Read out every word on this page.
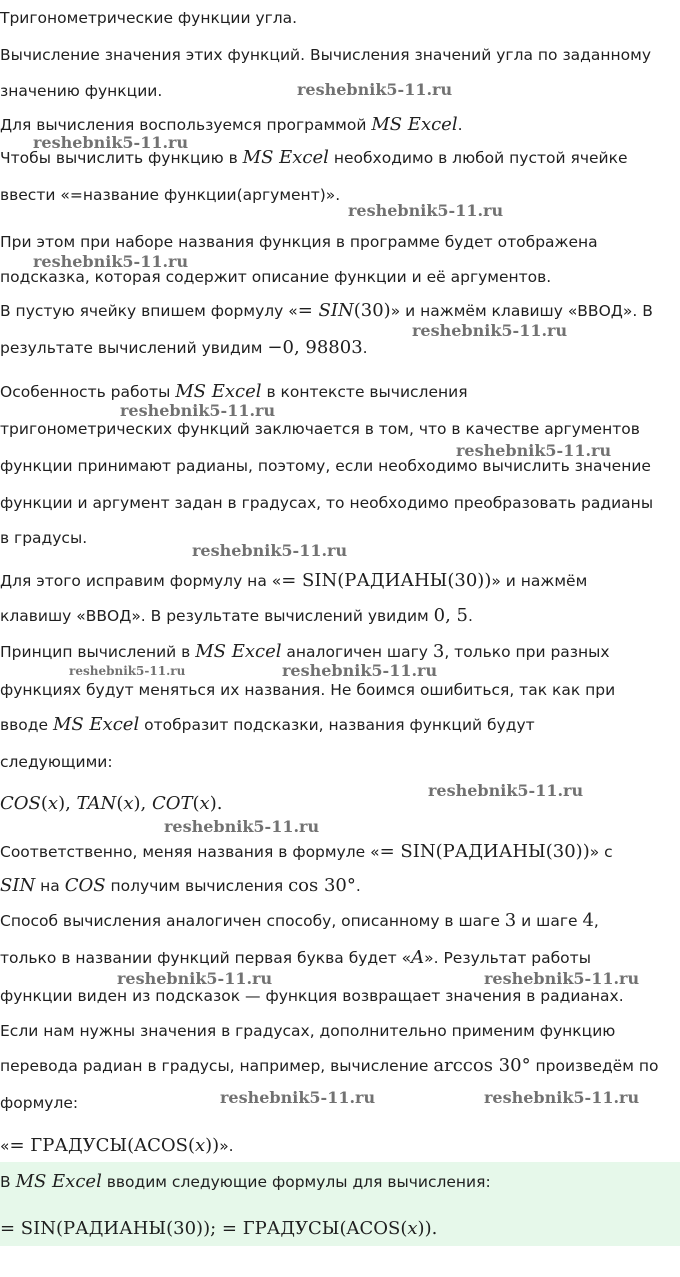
Тригонометрические функции угла.
Вычисление значения этих функций. Вычисления значений угла по заданному
значению функции.
Для вычисления воспользуемся программой MS Excel.
Чтобы вычислить функцию в MS Excel необходимо в любой пустой ячейке
ввести «=название функции(аргумент)».
При этом при наборе названия функция в программе будет отображена
подсказка, которая содержит описание функции и её аргументов.
В пустую ячейку впишем формулу «= SIN(30)» и нажмём клавишу «ВВОД». В
результате вычислений увидим −0, 98803.
Особенность работы MS Excel в контексте вычисления
тригонометрических функций заключается в том, что в качестве аргументов
функции принимают радианы, поэтому, если необходимо вычислить значение
функции и аргумент задан в градусах, то необходимо преобразовать радианы
в градусы.
Для этого исправим формулу на «= SIN(РАДИАНЫ(30))» и нажмём
клавишу «ВВОД». В результате вычислений увидим 0, 5.
Принцип вычислений в MS Excel аналогичен шагу 3, только при разных
функциях будут меняться их названия. Не боимся ошибиться, так как при
вводе MS Excel отобразит подсказки, названия функций будут
следующими:
COS(x), TAN(x), COT(x).
Соответственно, меняя названия в формуле «= SIN(РАДИАНЫ(30))» с
SIN на COS получим вычисления cos 30°.
Способ вычисления аналогичен способу, описанному в шаге 3 и шаге 4,
только в названии функций первая буква будет «A». Результат работы
функции виден из подсказок — функция возвращает значения в радианах.
Если нам нужны значения в градусах, дополнительно применим функцию
перевода радиан в градусы, например, вычисление arccos 30° произведём по
формуле:
«= ГРАДУСЫ(ACOS(x))».
В MS Excel вводим следующие формулы для вычисления:
= SIN(РАДИАНЫ(30)); = ГРАДУСЫ(ACOS(x)).
reshebnik5-11.ru
reshebnik5-11.ru
reshebnik5-11.ru
reshebnik5-11.ru
reshebnik5-11.ru
reshebnik5-11.ru
reshebnik5-11.ru
reshebnik5-11.ru
reshebnik5-11.ru	reshebnik5-11.ru
reshebnik5-11.ru
reshebnik5-11.ru
reshebnik5-11.ru	reshebnik5-11.ru
reshebnik5-11.ru	reshebnik5-11.ru
